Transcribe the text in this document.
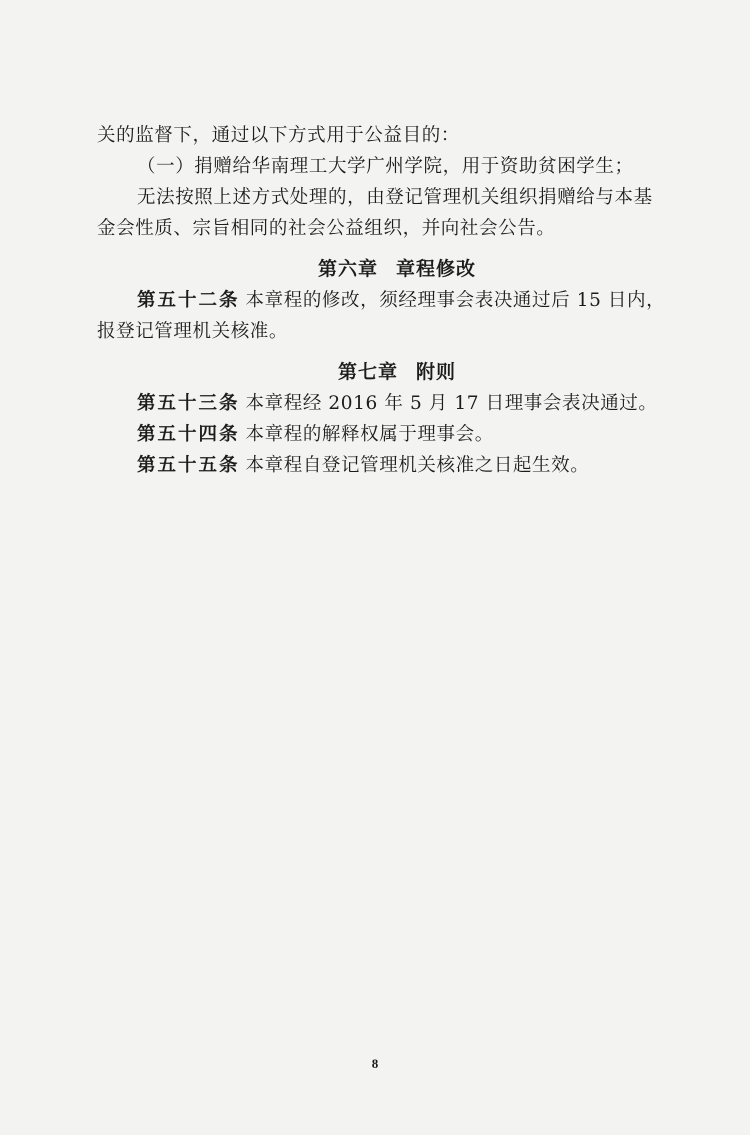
关的监督下，通过以下方式用于公益目的：

（一）捐赠给华南理工大学广州学院，用于资助贫困学生；

无法按照上述方式处理的，由登记管理机关组织捐赠给与本基

金会性质、宗旨相同的社会公益组织，并向社会公告。

第六章 章程修改

第五十二条 本章程的修改，须经理事会表决通过后 15 日内，

报登记管理机关核准。

第七章 附则

第五十三条 本章程经 2016 年 5 月 17 日理事会表决通过。

第五十四条 本章程的解释权属于理事会。

第五十五条 本章程自登记管理机关核准之日起生效。

8
